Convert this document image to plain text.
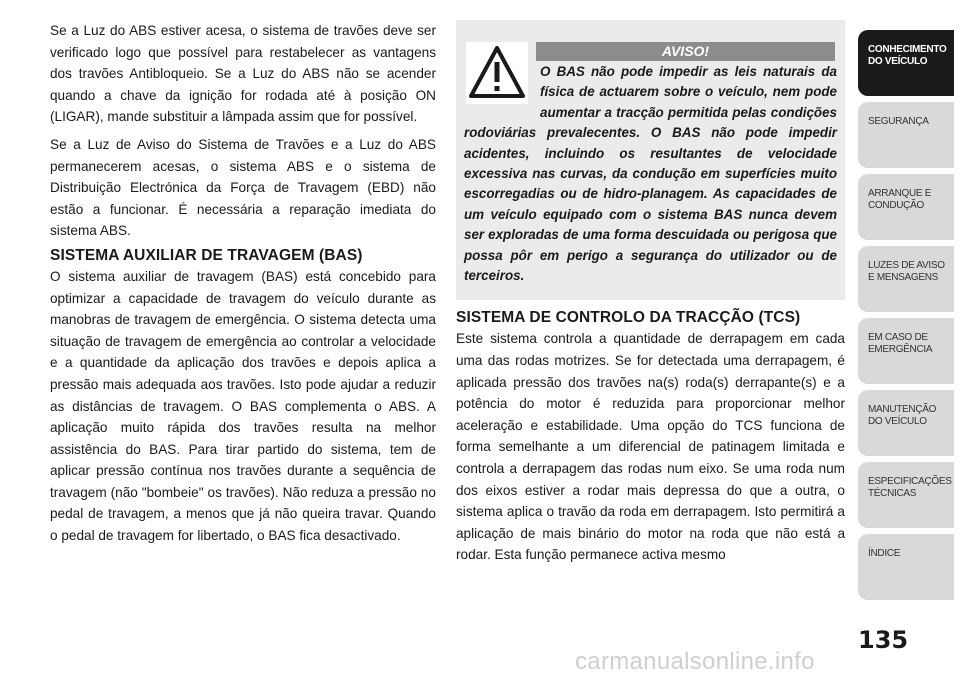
Se a Luz do ABS estiver acesa, o sistema de travões deve ser verificado logo que possível para restabelecer as vantagens dos travões Antibloqueio. Se a Luz do ABS não se acender quando a chave da ignição for rodada até à posição ON (LIGAR), mande substituir a lâmpada assim que for possível.

Se a Luz de Aviso do Sistema de Travões e a Luz do ABS permanecerem acesas, o sistema ABS e o sistema de Distribuição Electrónica da Força de Travagem (EBD) não estão a funcionar. É necessária a reparação imediata do sistema ABS.

SISTEMA AUXILIAR DE TRAVAGEM (BAS)

O sistema auxiliar de travagem (BAS) está concebido para optimizar a capacidade de travagem do veículo durante as manobras de travagem de emergência. O sistema detecta uma situação de travagem de emergência ao controlar a velocidade e a quantidade da aplicação dos travões e depois aplica a pressão mais adequada aos travões. Isto pode ajudar a reduzir as distâncias de travagem. O BAS complementa o ABS. A aplicação muito rápida dos travões resulta na melhor assistência do BAS. Para tirar partido do sistema, tem de aplicar pressão contínua nos travões durante a sequência de travagem (não "bombeie" os travões). Não reduza a pressão no pedal de travagem, a menos que já não queira travar. Quando o pedal de travagem for libertado, o BAS fica desactivado.

AVISO!
O BAS não pode impedir as leis naturais da física de actuarem sobre o veículo, nem pode aumentar a tracção permitida pelas condições rodoviárias prevalecentes. O BAS não pode impedir acidentes, incluindo os resultantes de velocidade excessiva nas curvas, da condução em superfícies muito escorregadias ou de hidro-planagem. As capacidades de um veículo equipado com o sistema BAS nunca devem ser exploradas de uma forma descuidada ou perigosa que possa pôr em perigo a segurança do utilizador ou de terceiros.
SISTEMA DE CONTROLO DA TRACÇÃO (TCS)

Este sistema controla a quantidade de derrapagem em cada uma das rodas motrizes. Se for detectada uma derrapagem, é aplicada pressão dos travões na(s) roda(s) derrapante(s) e a potência do motor é reduzida para proporcionar melhor aceleração e estabilidade. Uma opção do TCS funciona de forma semelhante a um diferencial de patinagem limitada e controla a derrapagem das rodas num eixo. Se uma roda num dos eixos estiver a rodar mais depressa do que a outra, o sistema aplica o travão da roda em derrapagem. Isto permitirá a aplicação de mais binário do motor na roda que não está a rodar. Esta função permanece activa mesmo

CONHECIMENTO DO VEÍCULO
SEGURANÇA
ARRANQUE E CONDUÇÃO
LUZES DE AVISO E MENSAGENS
EM CASO DE EMERGÊNCIA
MANUTENÇÃO DO VEÍCULO
ESPECIFICAÇÕES TÉCNICAS
ÍNDICE
135
carmanualsonline.info
